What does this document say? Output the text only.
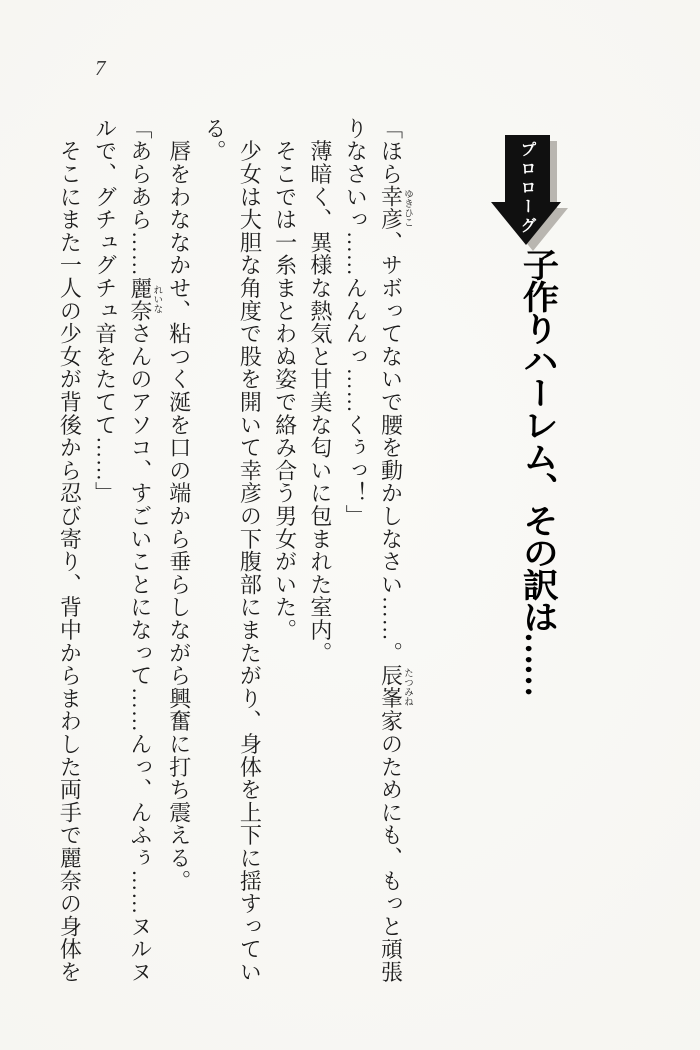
7
プロローグ
子作りハーレム、その訳は……
「ほら幸彦ゆきひこ、サボってないで腰を動かしなさい……。辰峯たつみね家のためにも、もっと頑張
りなさいっ……んんんっ……くぅっ！」
　薄暗く、異様な熱気と甘美な匂いに包まれた室内。
　そこでは一糸まとわぬ姿で絡み合う男女がいた。
　少女は大胆な角度で股を開いて幸彦の下腹部にまたがり、身体を上下に揺すってい
る。
　唇をわななかせ、粘つく涎を口の端から垂らしながら興奮に打ち震える。
「あらあら……麗奈れいなさんのアソコ、すごいことになって……んっ、んふぅ……ヌルヌ
ルで、グチュグチュ音をたてて……」
　そこにまた一人の少女が背後から忍び寄り、背中からまわした両手で麗奈の身体を
